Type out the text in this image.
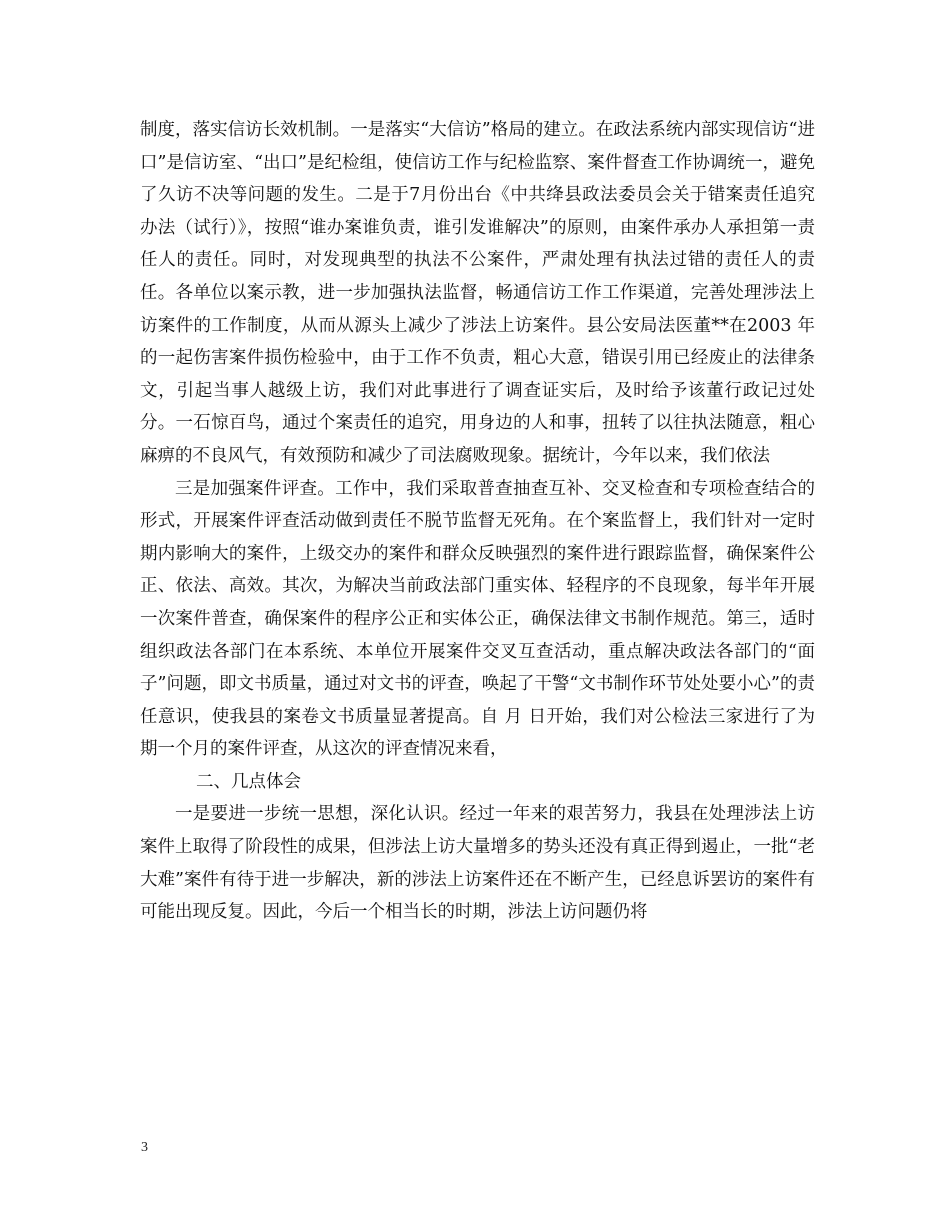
制度，落实信访长效机制。一是落实“大信访”格局的建立。在政法系统内部实现信访“进口”是信访室、“出口”是纪检组，使信访工作与纪检监察、案件督查工作协调统一，避免了久访不决等问题的发生。二是于7月份出台《中共绛县政法委员会关于错案责任追究办法（试行）》，按照“谁办案谁负责，谁引发谁解决”的原则，由案件承办人承担第一责任人的责任。同时，对发现典型的执法不公案件，严肃处理有执法过错的责任人的责任。各单位以案示教，进一步加强执法监督，畅通信访工作工作渠道，完善处理涉法上访案件的工作制度，从而从源头上减少了涉法上访案件。县公安局法医董**在2003 年的一起伤害案件损伤检验中，由于工作不负责，粗心大意，错误引用已经废止的法律条文，引起当事人越级上访，我们对此事进行了调查证实后，及时给予该董行政记过处分。一石惊百鸟，通过个案责任的追究，用身边的人和事，扭转了以往执法随意，粗心麻痹的不良风气，有效预防和减少了司法腐败现象。据统计，今年以来，我们依法

三是加强案件评查。工作中，我们采取普查抽查互补、交叉检查和专项检查结合的形式，开展案件评查活动做到责任不脱节监督无死角。在个案监督上，我们针对一定时期内影响大的案件，上级交办的案件和群众反映强烈的案件进行跟踪监督，确保案件公正、依法、高效。其次，为解决当前政法部门重实体、轻程序的不良现象，每半年开展一次案件普查，确保案件的程序公正和实体公正，确保法律文书制作规范。第三，适时组织政法各部门在本系统、本单位开展案件交叉互查活动，重点解决政法各部门的“面子”问题，即文书质量，通过对文书的评查，唤起了干警“文书制作环节处处要小心”的责任意识，使我县的案卷文书质量显著提高。自 月 日开始，我们对公检法三家进行了为期一个月的案件评查，从这次的评查情况来看，

二、几点体会

一是要进一步统一思想，深化认识。经过一年来的艰苦努力，我县在处理涉法上访案件上取得了阶段性的成果，但涉法上访大量增多的势头还没有真正得到遏止，一批“老大难”案件有待于进一步解决，新的涉法上访案件还在不断产生，已经息诉罢访的案件有可能出现反复。因此，今后一个相当长的时期，涉法上访问题仍将

3
